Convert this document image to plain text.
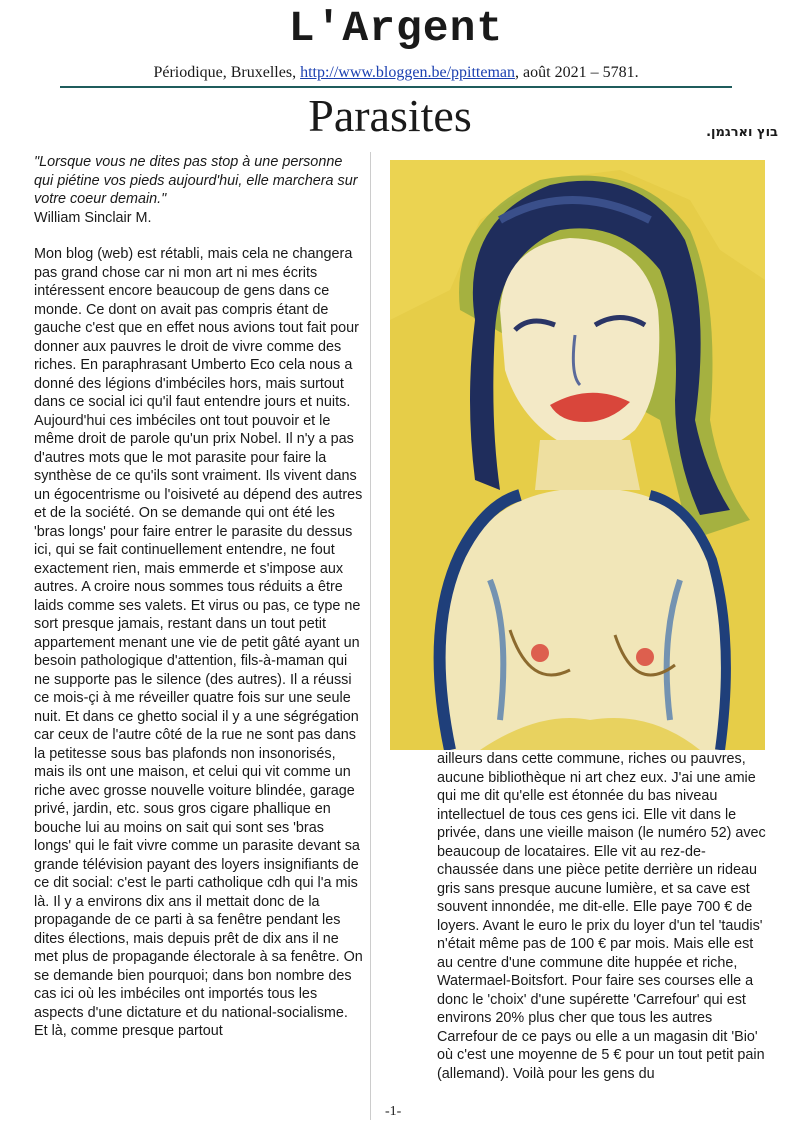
L'Argent
Périodique, Bruxelles, http://www.bloggen.be/ppitteman, août 2021 – 5781.
Parasites	בוץ וארגמן.
"Lorsque vous ne dites pas stop à une personne qui piétine vos pieds aujourd'hui, elle marchera sur votre coeur demain."
William Sinclair M.

Mon blog (web) est rétabli, mais cela ne changera pas grand chose car ni mon art ni mes écrits intéressent encore beaucoup de gens dans ce monde. Ce dont on avait pas compris étant de gauche c'est que en effet nous avions tout fait pour donner aux pauvres le droit de vivre comme des riches. En paraphrasant Umberto Eco cela nous a donné des légions d'imbéciles hors, mais surtout dans ce social ici qu'il faut entendre jours et nuits. Aujourd'hui ces imbéciles ont tout pouvoir et le même droit de parole qu'un prix Nobel. Il n'y a pas d'autres mots que le mot parasite pour faire la synthèse de ce qu'ils sont vraiment. Ils vivent dans un égocentrisme ou l'oisiveté au dépend des autres et de la société. On se demande qui ont été les 'bras longs' pour faire entrer le parasite du dessus ici, qui se fait continuellement entendre, ne fout exactement rien, mais emmerde et s'impose aux autres. A croire nous sommes tous réduits a être laids comme ses valets. Et virus ou pas, ce type ne sort presque jamais, restant dans un tout petit appartement menant une vie de petit gâté ayant un besoin pathologique d'attention, fils-à-maman qui ne supporte pas le silence (des autres). Il a réussi ce mois-çi à me réveiller quatre fois sur une seule nuit. Et dans ce ghetto social il y a une ségrégation car ceux de l'autre côté de la rue ne sont pas dans la petitesse sous bas plafonds non insonorisés, mais ils ont une maison, et celui qui vit comme un riche avec grosse nouvelle voiture blindée, garage privé, jardin, etc. sous gros cigare phallique en bouche lui au moins on sait qui sont ses 'bras longs' qui le fait vivre comme un parasite devant sa grande télévision payant des loyers insignifiants de ce dit social: c'est le parti catholique cdh qui l'a mis là. Il y a environs dix ans il mettait donc de la propagande de ce parti à sa fenêtre pendant les dites élections, mais depuis prêt de dix ans il ne met plus de propagande électorale à sa fenêtre. On se demande bien pourquoi; dans bon nombre des cas ici où les imbéciles ont importés tous les aspects d'une dictature et du national-socialisme. Et là, comme presque partout

ailleurs dans cette commune, riches ou pauvres, aucune bibliothèque ni art chez eux. J'ai une amie qui me dit qu'elle est étonnée du bas niveau intellectuel de tous ces gens ici. Elle vit dans le privée, dans une vieille maison (le numéro 52) avec beaucoup de locataires. Elle vit au rez-de-chaussée dans une pièce petite derrière un rideau gris sans presque aucune lumière, et sa cave est souvent innondée, me dit-elle. Elle paye 700 € de loyers. Avant le euro le prix du loyer d'un tel 'taudis' n'était même pas de 100 € par mois. Mais elle est au centre d'une commune dite huppée et riche, Watermael-Boitsfort. Pour faire ses courses elle a donc le 'choix' d'une supérette 'Carrefour' qui est environs 20% plus cher que tous les autres Carrefour de ce pays ou elle a un magasin dit 'Bio' où c'est une moyenne de 5 € pour un tout petit pain (allemand). Voilà pour les gens du

-1-
